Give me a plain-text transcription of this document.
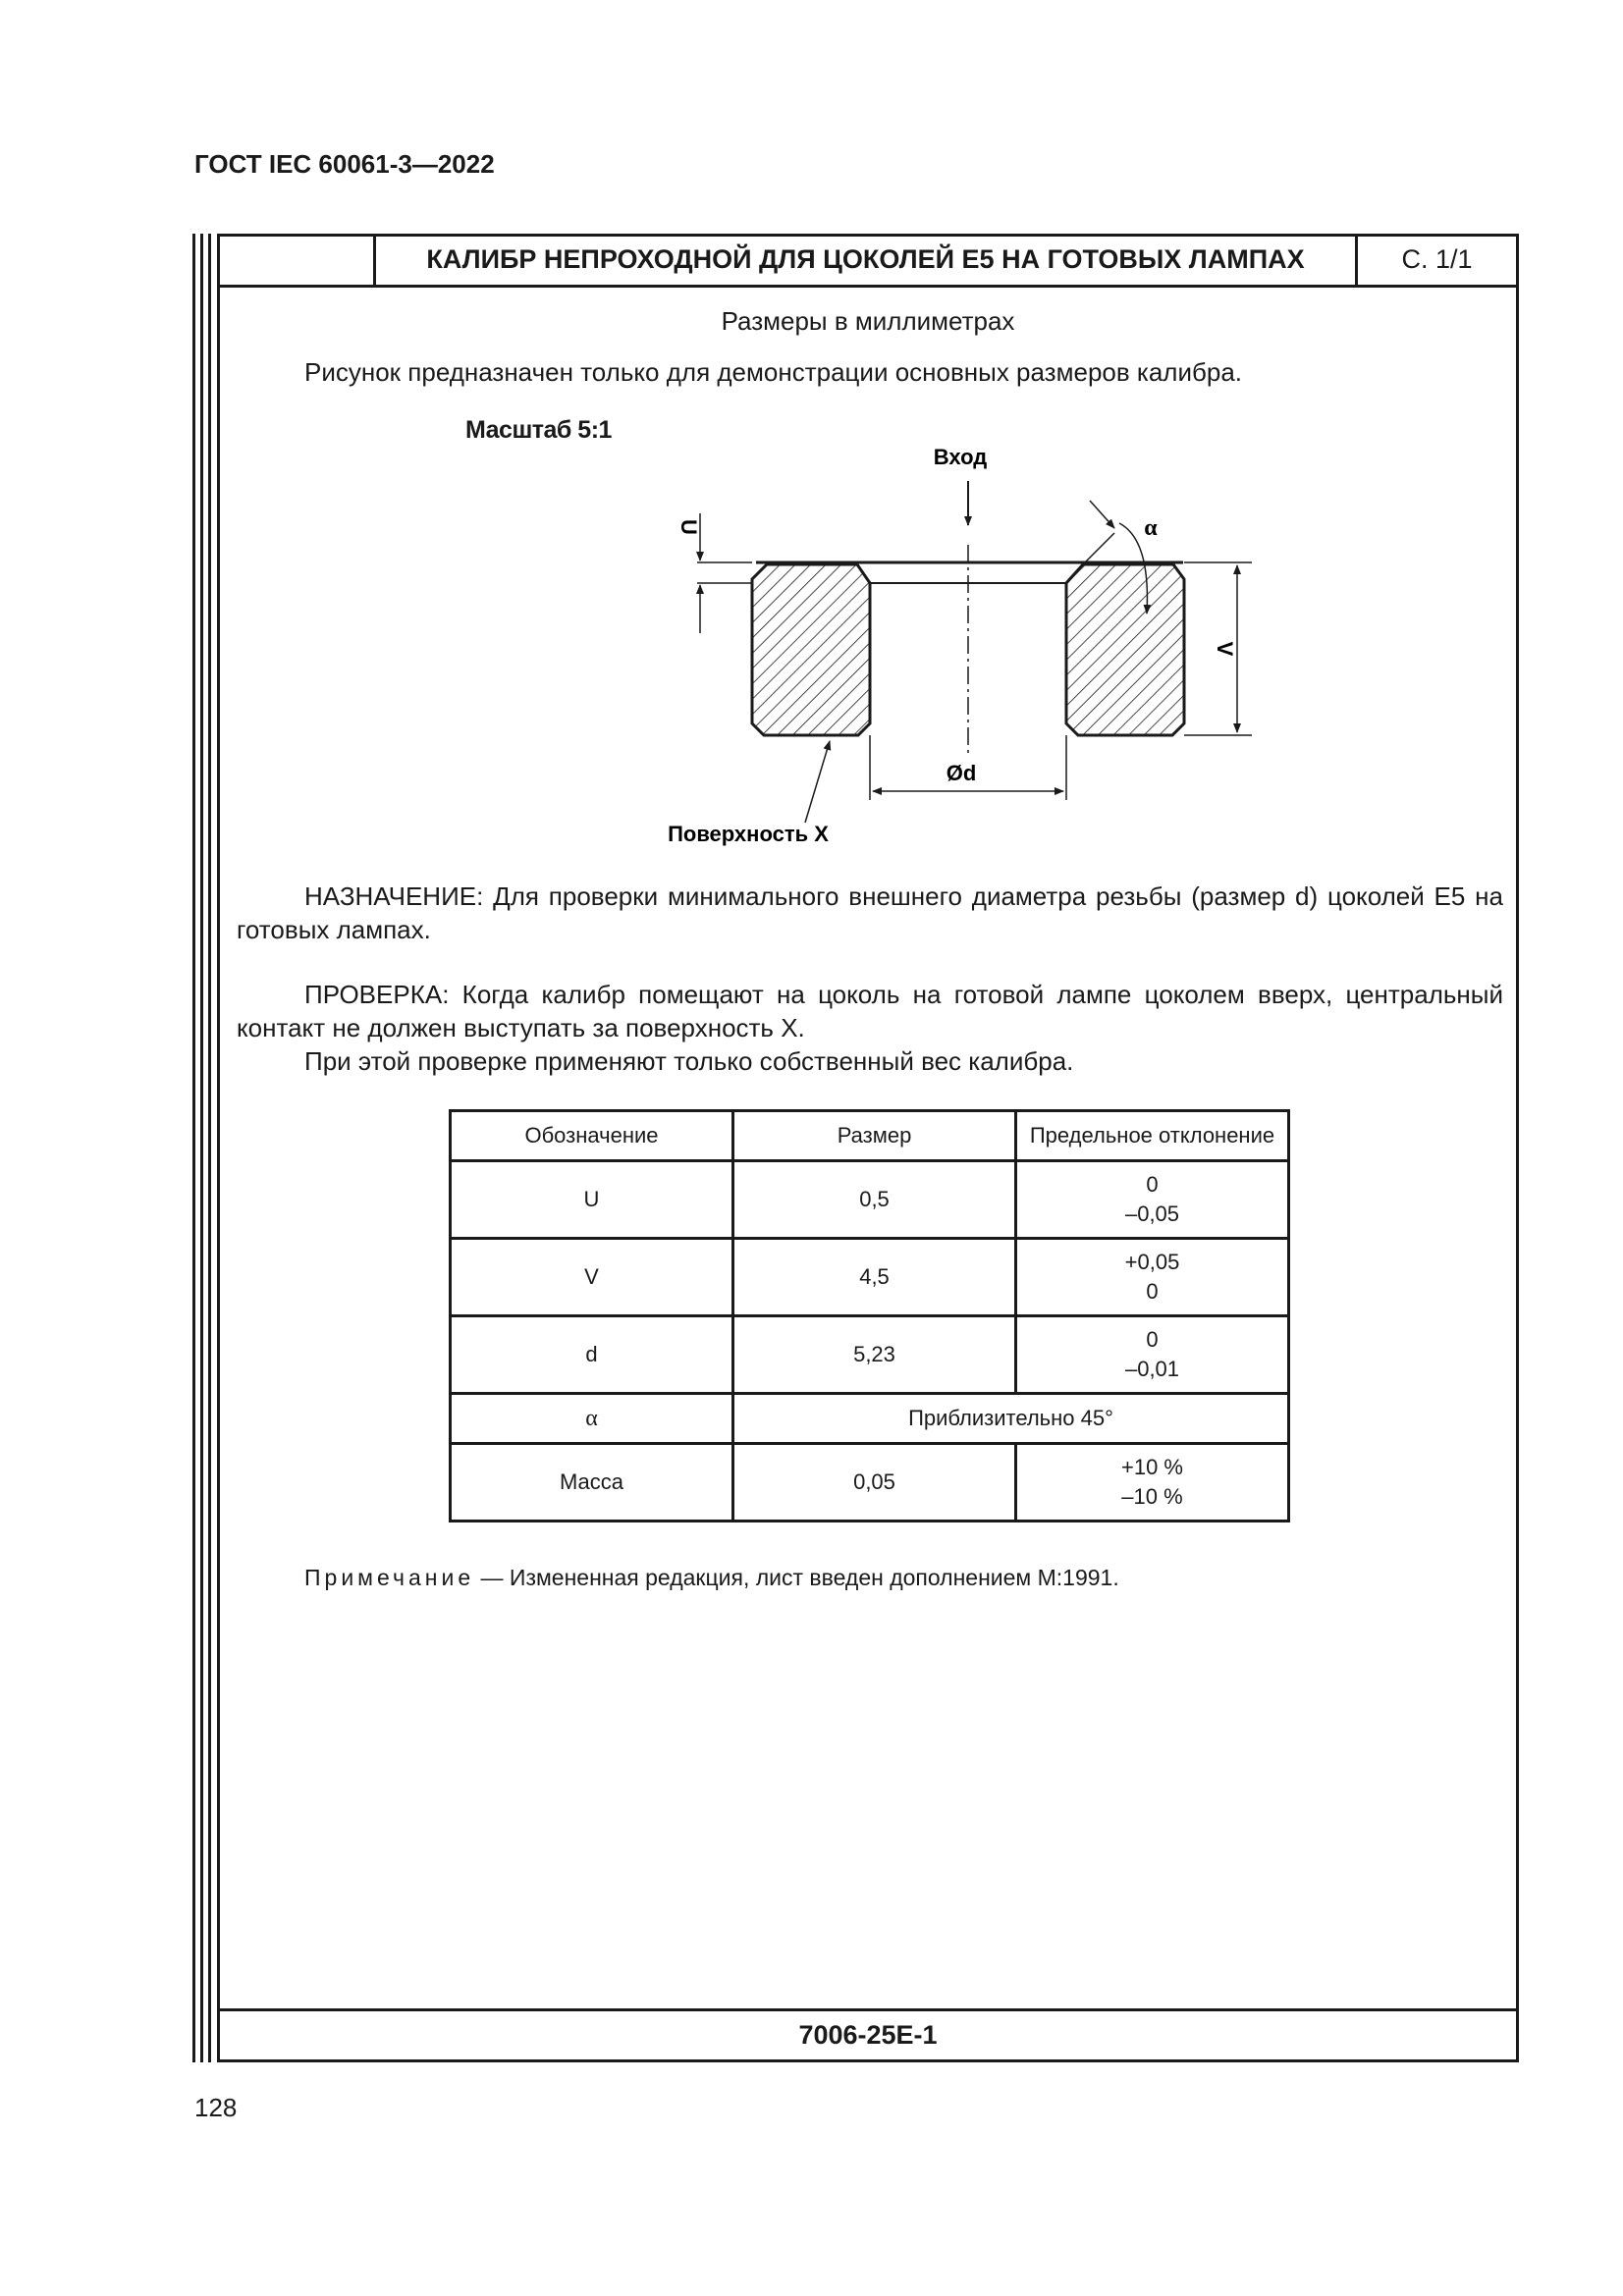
ГОСТ IEC 60061-3—2022
КАЛИБР НЕПРОХОДНОЙ ДЛЯ ЦОКОЛЕЙ Е5 НА ГОТОВЫХ ЛАМПАХ	С. 1/1
Размеры в миллиметрах
Рисунок предназначен только для демонстрации основных размеров калибра.
Масштаб 5:1
Вход
U
V
Ød
α
Поверхность X
НАЗНАЧЕНИЕ: Для проверки минимального внешнего диаметра резьбы (размер d) цоколей Е5 на готовых лампах.
ПРОВЕРКА: Когда калибр помещают на цоколь на готовой лампе цоколем вверх, центральный контакт не должен выступать за поверхность X.
При этой проверке применяют только собственный вес калибра.
Обозначение	Размер	Предельное отклонение
U	0,5	0
–0,05

V	4,5	+0,05
0

d	5,23	0
–0,01

α	Приблизительно 45°	
Масса	0,05	+10 %
–10 %
Примечание — Измененная редакция, лист введен дополнением М:1991.
7006-25E-1
128
